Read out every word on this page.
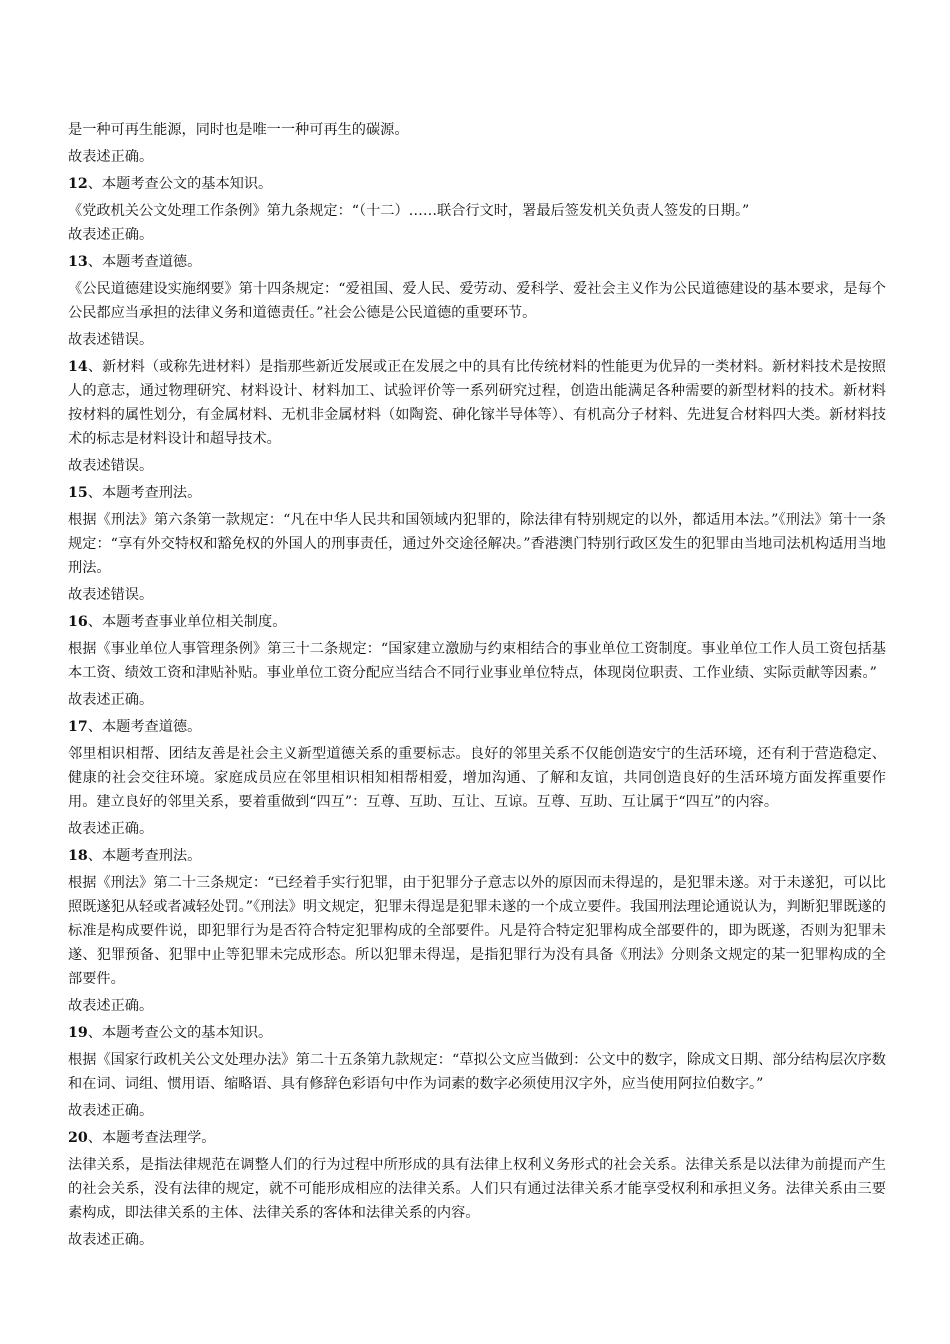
是一种可再生能源，同时也是唯一一种可再生的碳源。

故表述正确。

12、本题考查公文的基本知识。

《党政机关公文处理工作条例》第九条规定：“（十二）……联合行文时，署最后签发机关负责人签发的日期。”

故表述正确。

13、本题考查道德。

《公民道德建设实施纲要》第十四条规定：“爱祖国、爱人民、爱劳动、爱科学、爱社会主义作为公民道德建设的基本要求，是每个公民都应当承担的法律义务和道德责任。”社会公德是公民道德的重要环节。

故表述错误。

14、新材料（或称先进材料）是指那些新近发展或正在发展之中的具有比传统材料的性能更为优异的一类材料。新材料技术是按照人的意志，通过物理研究、材料设计、材料加工、试验评价等一系列研究过程，创造出能满足各种需要的新型材料的技术。新材料按材料的属性划分，有金属材料、无机非金属材料（如陶瓷、砷化镓半导体等）、有机高分子材料、先进复合材料四大类。新材料技术的标志是材料设计和超导技术。

故表述错误。

15、本题考查刑法。

根据《刑法》第六条第一款规定：“凡在中华人民共和国领域内犯罪的，除法律有特别规定的以外，都适用本法。”《刑法》第十一条规定：“享有外交特权和豁免权的外国人的刑事责任，通过外交途径解决。”香港澳门特别行政区发生的犯罪由当地司法机构适用当地刑法。

故表述错误。

16、本题考查事业单位相关制度。

根据《事业单位人事管理条例》第三十二条规定：“国家建立激励与约束相结合的事业单位工资制度。事业单位工作人员工资包括基本工资、绩效工资和津贴补贴。事业单位工资分配应当结合不同行业事业单位特点，体现岗位职责、工作业绩、实际贡献等因素。”

故表述正确。

17、本题考查道德。

邻里相识相帮、团结友善是社会主义新型道德关系的重要标志。良好的邻里关系不仅能创造安宁的生活环境，还有利于营造稳定、健康的社会交往环境。家庭成员应在邻里相识相知相帮相爱，增加沟通、了解和友谊，共同创造良好的生活环境方面发挥重要作用。建立良好的邻里关系，要着重做到“四互”：互尊、互助、互让、互谅。互尊、互助、互让属于“四互”的内容。

故表述正确。

18、本题考查刑法。

根据《刑法》第二十三条规定：“已经着手实行犯罪，由于犯罪分子意志以外的原因而未得逞的，是犯罪未遂。对于未遂犯，可以比照既遂犯从轻或者减轻处罚。”《刑法》明文规定，犯罪未得逞是犯罪未遂的一个成立要件。我国刑法理论通说认为，判断犯罪既遂的标准是构成要件说，即犯罪行为是否符合特定犯罪构成的全部要件。凡是符合特定犯罪构成全部要件的，即为既遂，否则为犯罪未遂、犯罪预备、犯罪中止等犯罪未完成形态。所以犯罪未得逞，是指犯罪行为没有具备《刑法》分则条文规定的某一犯罪构成的全部要件。

故表述正确。

19、本题考查公文的基本知识。

根据《国家行政机关公文处理办法》第二十五条第九款规定：“草拟公文应当做到：公文中的数字，除成文日期、部分结构层次序数和在词、词组、惯用语、缩略语、具有修辞色彩语句中作为词素的数字必须使用汉字外，应当使用阿拉伯数字。”

故表述正确。

20、本题考查法理学。

法律关系，是指法律规范在调整人们的行为过程中所形成的具有法律上权利义务形式的社会关系。法律关系是以法律为前提而产生的社会关系，没有法律的规定，就不可能形成相应的法律关系。人们只有通过法律关系才能享受权利和承担义务。法律关系由三要素构成，即法律关系的主体、法律关系的客体和法律关系的内容。

故表述正确。
